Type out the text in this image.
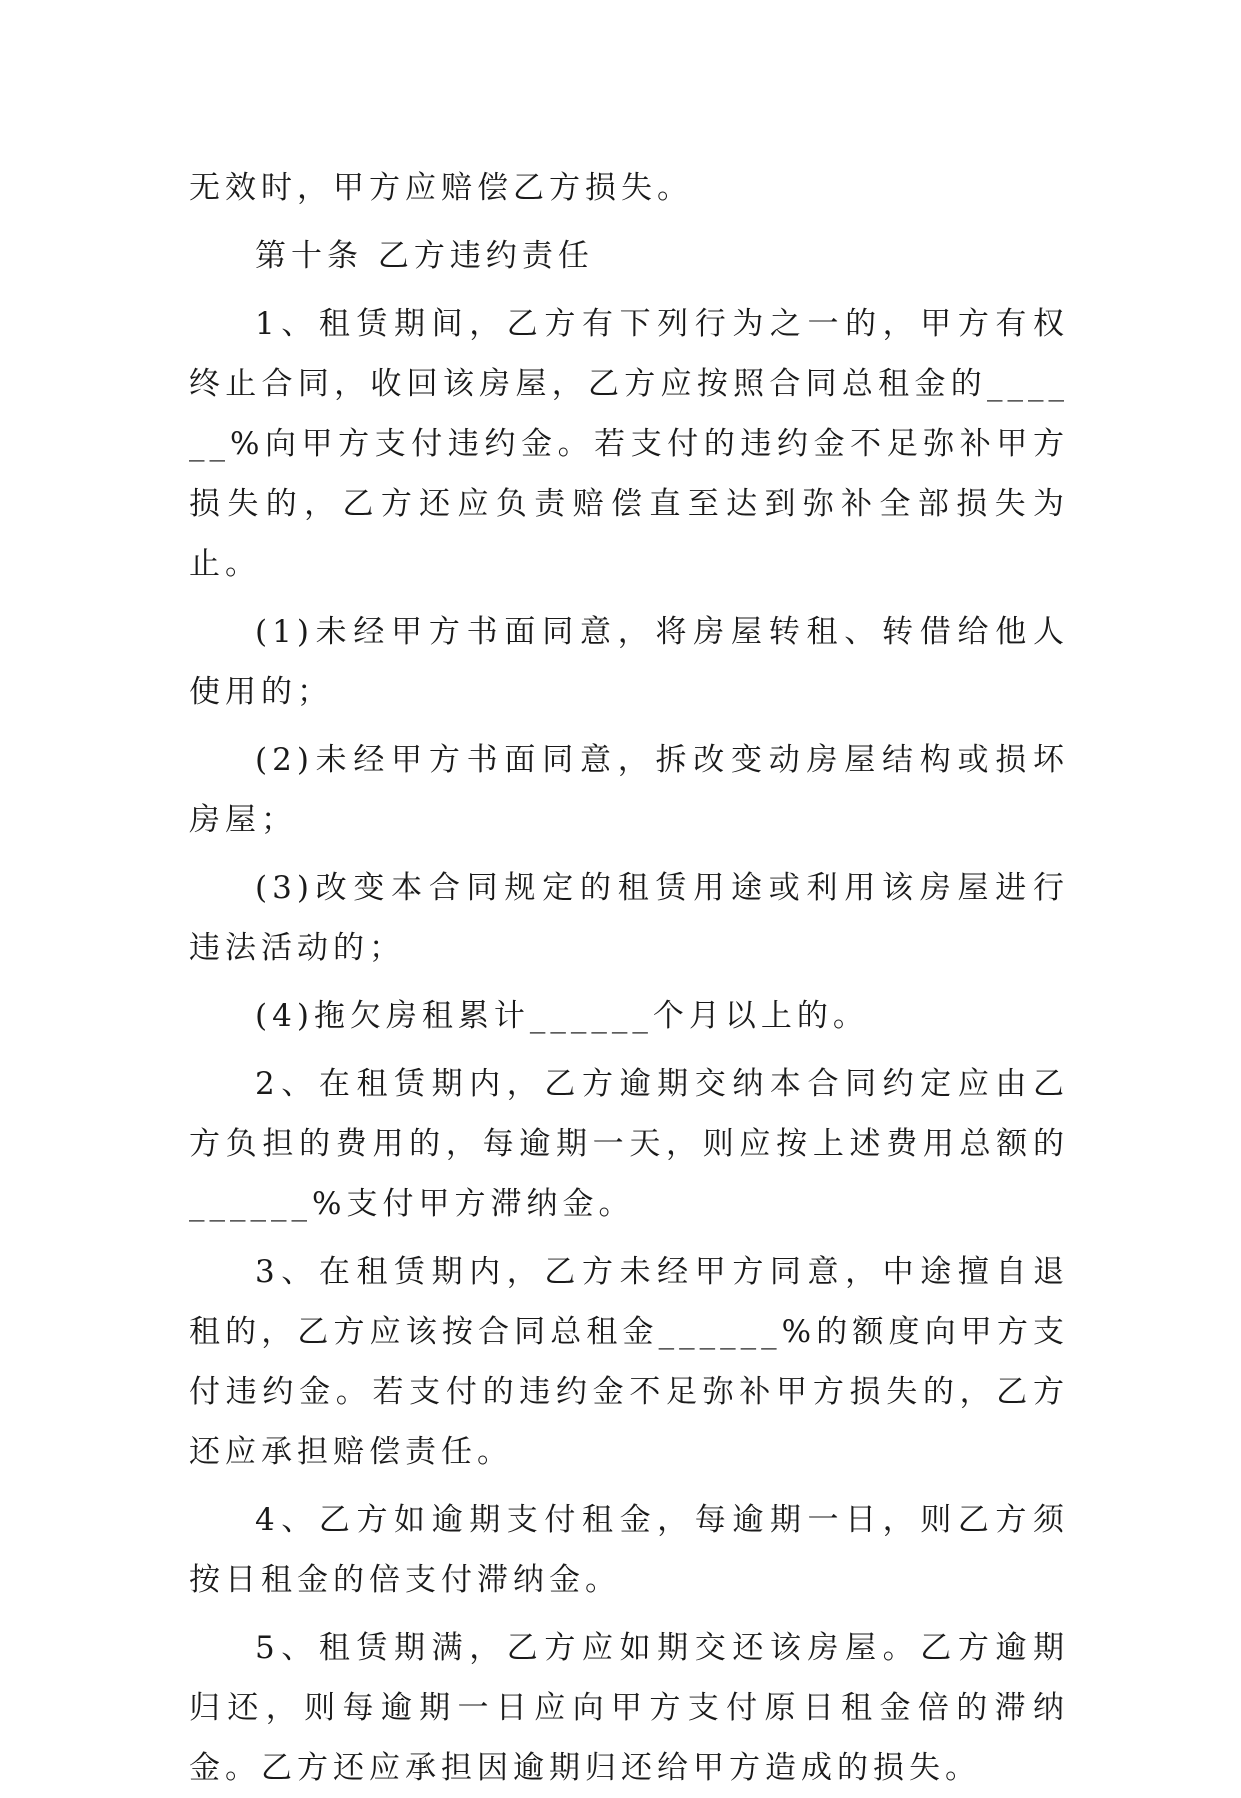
无效时，甲方应赔偿乙方损失。

第十条 乙方违约责任

1、租赁期间，乙方有下列行为之一的，甲方有权终止合同，收回该房屋，乙方应按照合同总租金的______%向甲方支付违约金。若支付的违约金不足弥补甲方损失的，乙方还应负责赔偿直至达到弥补全部损失为止。

(1)未经甲方书面同意，将房屋转租、转借给他人使用的；

(2)未经甲方书面同意，拆改变动房屋结构或损坏房屋；

(3)改变本合同规定的租赁用途或利用该房屋进行违法活动的；

(4)拖欠房租累计______个月以上的。

2、在租赁期内，乙方逾期交纳本合同约定应由乙方负担的费用的，每逾期一天，则应按上述费用总额的______%支付甲方滞纳金。

3、在租赁期内，乙方未经甲方同意，中途擅自退租的，乙方应该按合同总租金______%的额度向甲方支付违约金。若支付的违约金不足弥补甲方损失的，乙方还应承担赔偿责任。

4、乙方如逾期支付租金，每逾期一日，则乙方须按日租金的倍支付滞纳金。

5、租赁期满，乙方应如期交还该房屋。乙方逾期归还，则每逾期一日应向甲方支付原日租金倍的滞纳金。乙方还应承担因逾期归还给甲方造成的损失。
